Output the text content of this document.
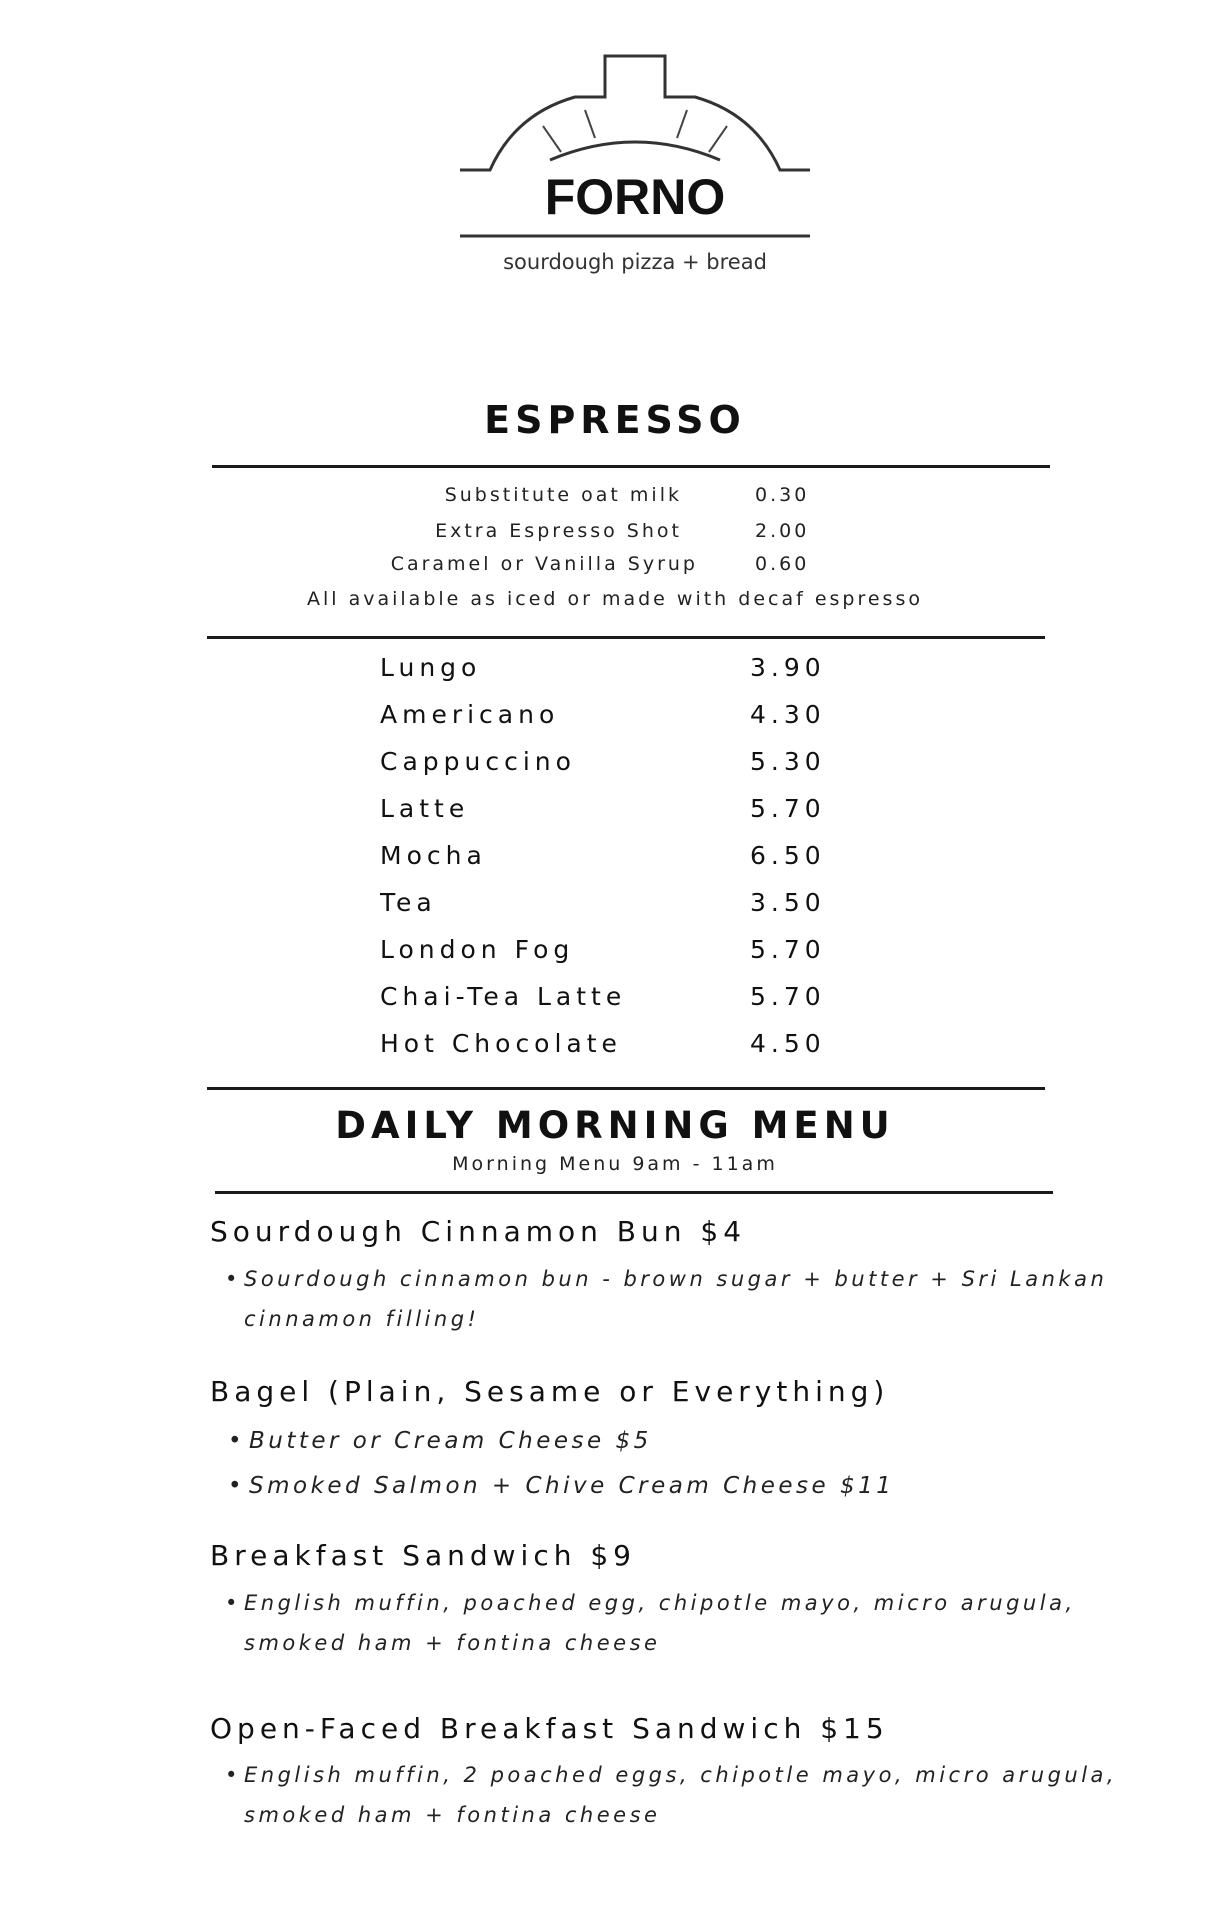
FORNO
sourdough pizza + bread
ESPRESSO
Substitute oat milk	0.30
Extra Espresso Shot	2.00
Caramel or Vanilla Syrup	0.60
All available as iced or made with decaf espresso
Lungo	3.90
Americano	4.30
Cappuccino	5.30
Latte	5.70
Mocha	6.50
Tea	3.50
London Fog	5.70
Chai-Tea Latte	5.70
Hot Chocolate	4.50
DAILY MORNING MENU
Morning Menu 9am - 11am
Sourdough Cinnamon Bun $4
• Sourdough cinnamon bun - brown sugar + butter + Sri Lankan
cinnamon filling!
Bagel (Plain, Sesame or Everything)
• Butter or Cream Cheese $5
• Smoked Salmon + Chive Cream Cheese $11
Breakfast Sandwich $9
• English muffin, poached egg, chipotle mayo, micro arugula,
smoked ham + fontina cheese
Open-Faced Breakfast Sandwich $15
• English muffin, 2 poached eggs, chipotle mayo, micro arugula,
smoked ham + fontina cheese
